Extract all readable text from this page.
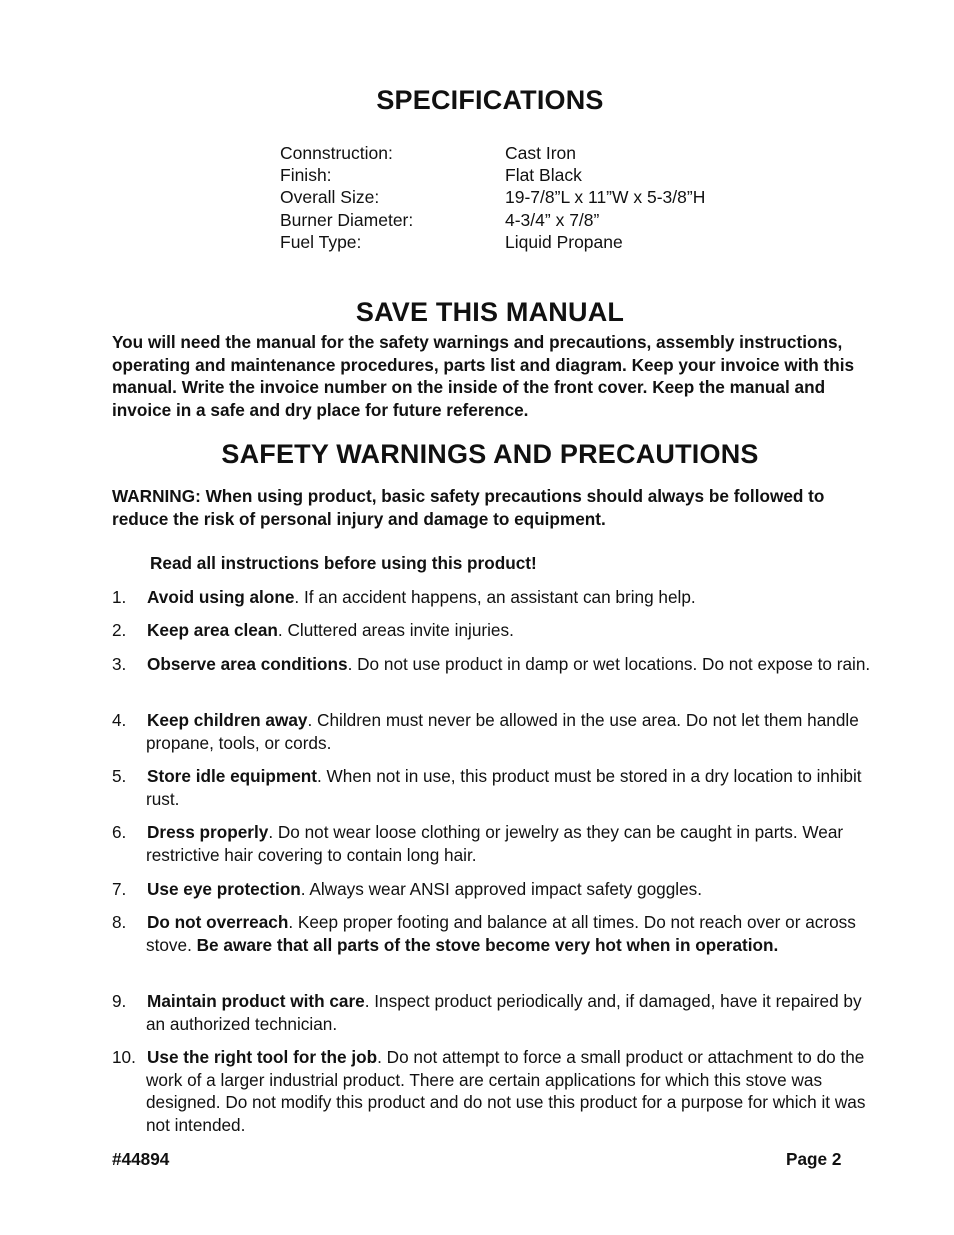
SPECIFICATIONS
Connstruction:	Cast Iron
Finish:	Flat Black
Overall Size:	19-7/8”L x 11”W x 5-3/8”H
Burner Diameter:	4-3/4” x 7/8”
Fuel Type:	Liquid Propane
SAVE THIS MANUAL

You will need the manual for the safety warnings and precautions, assembly instructions, operating and maintenance procedures, parts list and diagram. Keep your invoice with this manual. Write the invoice number on the inside of the front cover. Keep the manual and invoice in a safe and dry place for future reference.

SAFETY WARNINGS AND PRECAUTIONS

WARNING: When using product, basic safety precautions should always be followed to reduce the risk of personal injury and damage to equipment.

Read all instructions before using this product!

1. Avoid using alone. If an accident happens, an assistant can bring help.
2. Keep area clean. Cluttered areas invite injuries.
3. Observe area conditions. Do not use product in damp or wet locations. Do not expose to rain.
4. Keep children away. Children must never be allowed in the use area. Do not let them handle propane, tools, or cords.
5. Store idle equipment. When not in use, this product must be stored in a dry location to inhibit rust.
6. Dress properly. Do not wear loose clothing or jewelry as they can be caught in parts. Wear restrictive hair covering to contain long hair.
7. Use eye protection. Always wear ANSI approved impact safety goggles.
8. Do not overreach. Keep proper footing and balance at all times. Do not reach over or across stove. Be aware that all parts of the stove become very hot when in operation.
9. Maintain product with care. Inspect product periodically and, if damaged, have it repaired by an authorized technician.
10. Use the right tool for the job. Do not attempt to force a small product or attachment to do the work of a larger industrial product. There are certain applications for which this stove was designed. Do not modify this product and do not use this product for a purpose for which it was not intended.
#44894	Page 2
